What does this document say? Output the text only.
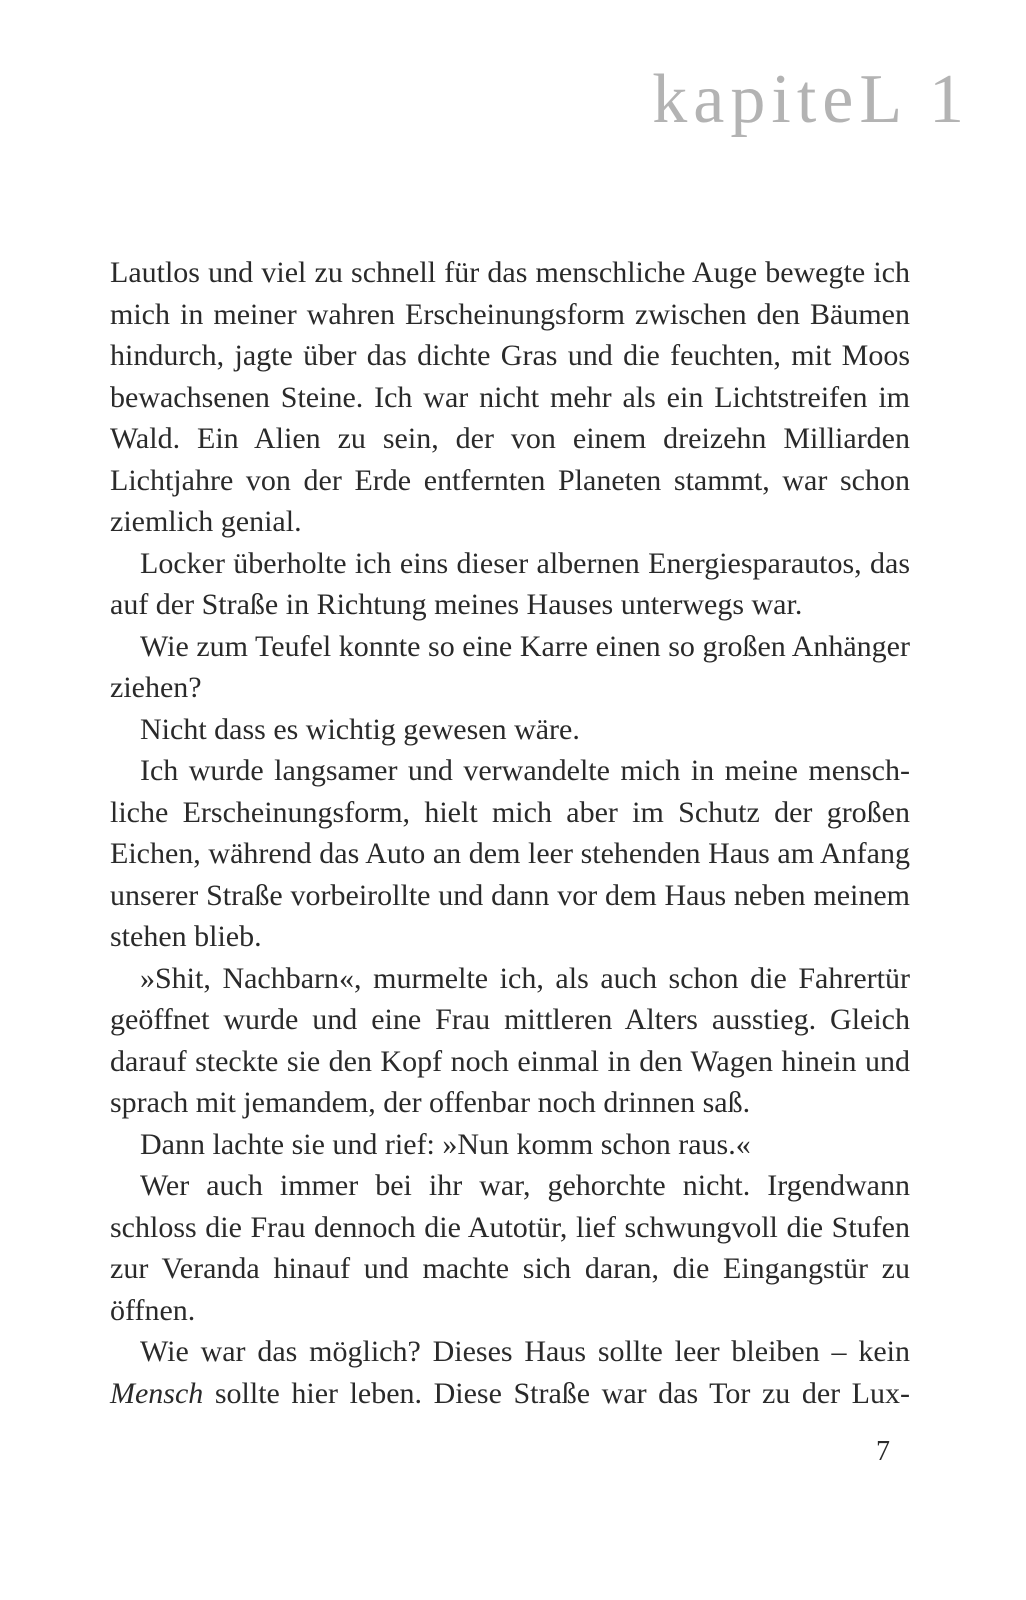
kapiteL 1

Lautlos und viel zu schnell für das menschliche Auge bewegte ich mich in meiner wahren Erscheinungsform zwischen den Bäumen hindurch, jagte über das dichte Gras und die feuchten, mit Moos bewachsenen Steine. Ich war nicht mehr als ein Lichtstreifen im Wald. Ein Alien zu sein, der von einem dreizehn Milliarden Lichtjahre von der Erde entfernten Planeten stammt, war schon ziemlich genial.

Locker überholte ich eins dieser albernen Energiesparautos, das auf der Straße in Richtung meines Hauses unterwegs war.

Wie zum Teufel konnte so eine Karre einen so großen Anhänger ziehen?

Nicht dass es wichtig gewesen wäre.

Ich wurde langsamer und verwandelte mich in meine menschliche Erscheinungsform, hielt mich aber im Schutz der großen Eichen, während das Auto an dem leer stehenden Haus am Anfang unserer Straße vorbeirollte und dann vor dem Haus neben meinem stehen blieb.

»Shit, Nachbarn«, murmelte ich, als auch schon die Fahrertür geöffnet wurde und eine Frau mittleren Alters ausstieg. Gleich darauf steckte sie den Kopf noch einmal in den Wagen hinein und sprach mit jemandem, der offenbar noch drinnen saß.

Dann lachte sie und rief: »Nun komm schon raus.«

Wer auch immer bei ihr war, gehorchte nicht. Irgendwann schloss die Frau dennoch die Autotür, lief schwungvoll die Stufen zur Veranda hinauf und machte sich daran, die Eingangstür zu öffnen.

Wie war das möglich? Dieses Haus sollte leer bleiben – kein Mensch sollte hier leben. Diese Straße war das Tor zu der Lux-

7
